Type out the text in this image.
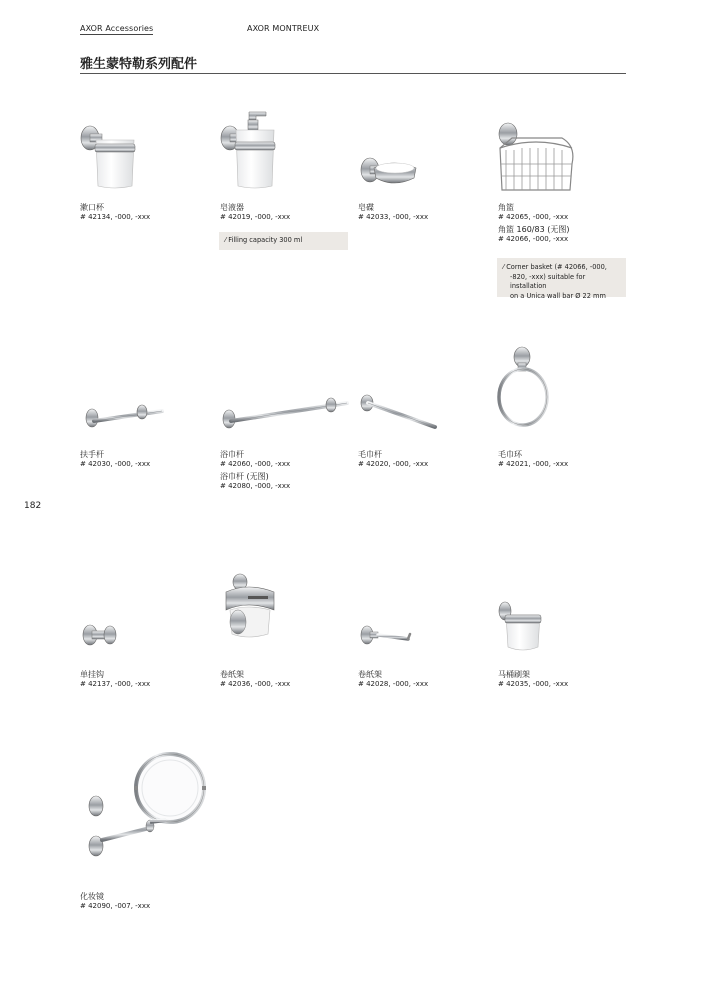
AXOR Accessories	AXOR MONTREUX
雅生蒙特勒系列配件
182
漱口杯
# 42134, -000, -xxx
皂液器
# 42019, -000, -xxx
⁄ Filling capacity 300 ml
皂碟
# 42033, -000, -xxx
角篮
# 42065, -000, -xxx
角篮 160/83 (无图)
# 42066, -000, -xxx
⁄ Corner basket (# 42066, -000,
-820, -xxx) suitable for installation
on a Unica wall bar Ø 22 mm
扶手杆
# 42030, -000, -xxx
浴巾杆
# 42060, -000, -xxx
浴巾杆 (无图)
# 42080, -000, -xxx
毛巾杆
# 42020, -000, -xxx
毛巾环
# 42021, -000, -xxx
单挂钩
# 42137, -000, -xxx
卷纸架
# 42036, -000, -xxx
卷纸架
# 42028, -000, -xxx
马桶刷架
# 42035, -000, -xxx
化妆镜
# 42090, -007, -xxx
